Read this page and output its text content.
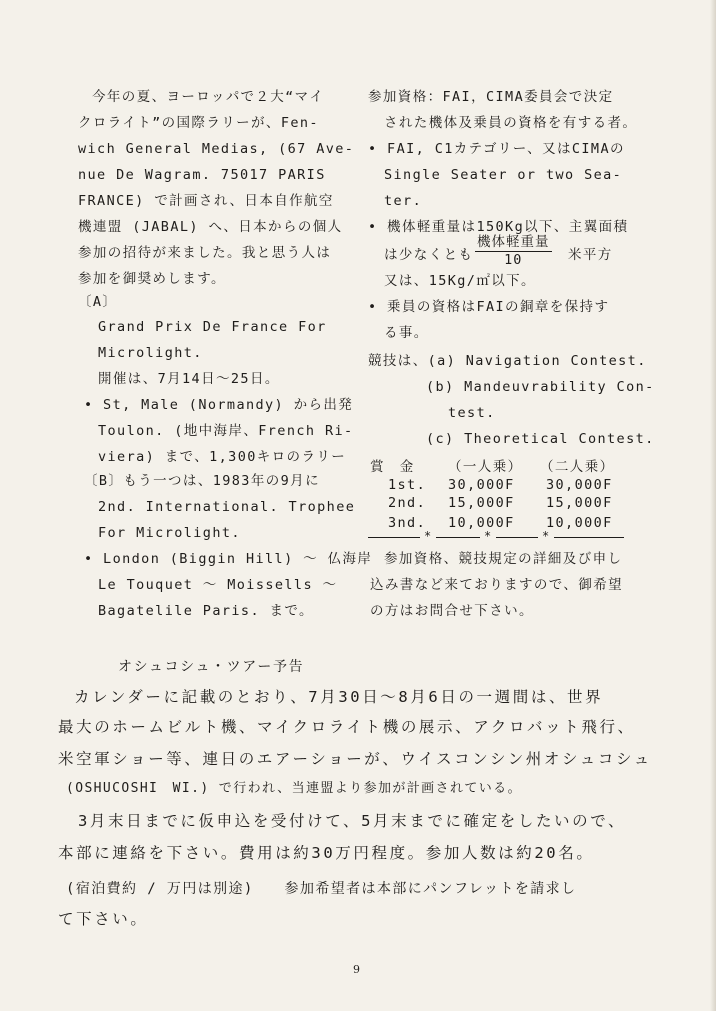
今年の夏、ヨーロッパで２大“マイ
クロライト”の国際ラリーが、Fen-
wich General Medias, (67 Ave-
nue De Wagram. 75017 PARIS
FRANCE) で計画され、日本自作航空
機連盟 (JABAL) へ、日本からの個人
参加の招待が来ました。我と思う人は
参加を御奨めします。
〔A〕
Grand Prix De France For
Microlight.
開催は、7月14日～25日。
• St, Male (Normandy) から出発
Toulon. (地中海岸、French Ri-
viera) まで、1,300キロのラリー
〔B〕もう一つは、1983年の9月に
2nd. International. Trophee
For Microlight.
• London (Biggin Hill) ～ 仏海岸
Le Touquet ～ Moissells ～
Bagatelile Paris. まで。
参加資格：FAI，CIMA委員会で決定
された機体及乗員の資格を有する者。
• FAI, C1カテゴリー、又はCIMAの
Single Seater or two Sea-
ter.
• 機体軽重量は150Kg以下、主翼面積
は少なくとも
機体軽重量
10	米平方
又は、15Kg/㎡以下。
• 乗員の資格はFAIの銅章を保持す
る事。
競技は、(a) Navigation Contest.
(b) Mandeuvrability Con-
test.
(c) Theoretical Contest.
賞　金 （一人乗） （二人乗）
1st. 30,000F 30,000F
2nd. 15,000F 15,000F
3nd. 10,000F 10,000F
*	*	*
参加資格、競技規定の詳細及び申し
込み書など来ておりますので、御希望
の方はお問合せ下さい。
オシュコシュ・ツアー予告
カレンダーに記載のとおり、7月30日～8月6日の一週間は、世界
最大のホームビルト機、マイクロライト機の展示、アクロバット飛行、
米空軍ショー等、連日のエアーショーが、ウイスコンシン州オシュコシュ
(OSHUCOSHI　WI.) で行われ、当連盟より参加が計画されている。
3月末日までに仮申込を受付けて、5月末までに確定をしたいので、
本部に連絡を下さい。費用は約30万円程度。参加人数は約20名。
(宿泊費約 / 万円は別途)　　参加希望者は本部にパンフレットを請求し
て下さい。
9
